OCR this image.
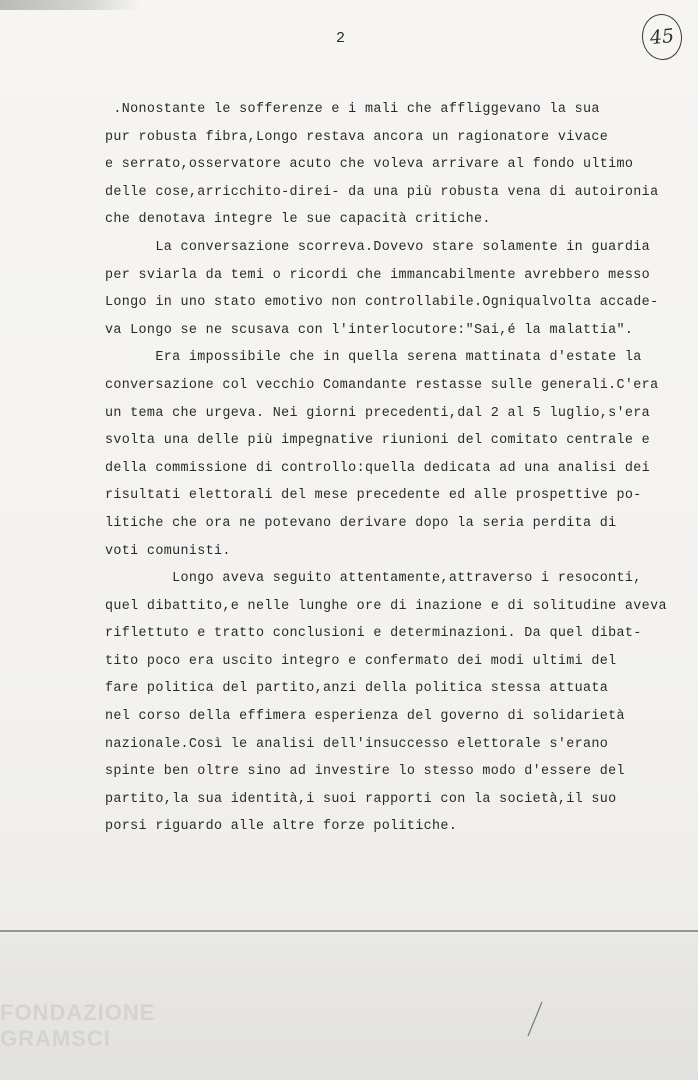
2	45
.Nonostante le sofferenze e i mali che affliggevano la sua
pur robusta fibra,Longo restava ancora un ragionatore vivace
e serrato,osservatore acuto che voleva arrivare al fondo ultimo
delle cose,arricchito-direi- da una più robusta vena di autoironia
che denotava integre le sue capacità critiche.
La conversazione scorreva.Dovevo stare solamente in guardia
per sviarla da temi o ricordi che immancabilmente avrebbero messo
Longo in uno stato emotivo non controllabile.Ogniqualvolta accade-
va Longo se ne scusava con l'interlocutore:"Sai,é la malattia".
Era impossibile che in quella serena mattinata d'estate la
conversazione col vecchio Comandante restasse sulle generali.C'era
un tema che urgeva. Nei giorni precedenti,dal 2 al 5 luglio,s'era
svolta una delle più impegnative riunioni del comitato centrale e
della commissione di controllo:quella dedicata ad una analisi dei
risultati elettorali del mese precedente ed alle prospettive po-
litiche che ora ne potevano derivare dopo la seria perdita di
voti comunisti.
Longo aveva seguito attentamente,attraverso i resoconti,
quel dibattito,e nelle lunghe ore di inazione e di solitudine aveva
riflettuto e tratto conclusioni e determinazioni. Da quel dibat-
tito poco era uscito integro e confermato dei modi ultimi del
fare politica del partito,anzi della politica stessa attuata
nel corso della effimera esperienza del governo di solidarietà
nazionale.Così le analisi dell'insuccesso elettorale s'erano
spinte ben oltre sino ad investire lo stesso modo d'essere del
partito,la sua identità,i suoi rapporti con la società,il suo
porsi riguardo alle altre forze politiche.
FONDAZIONE
GRAMSCI
